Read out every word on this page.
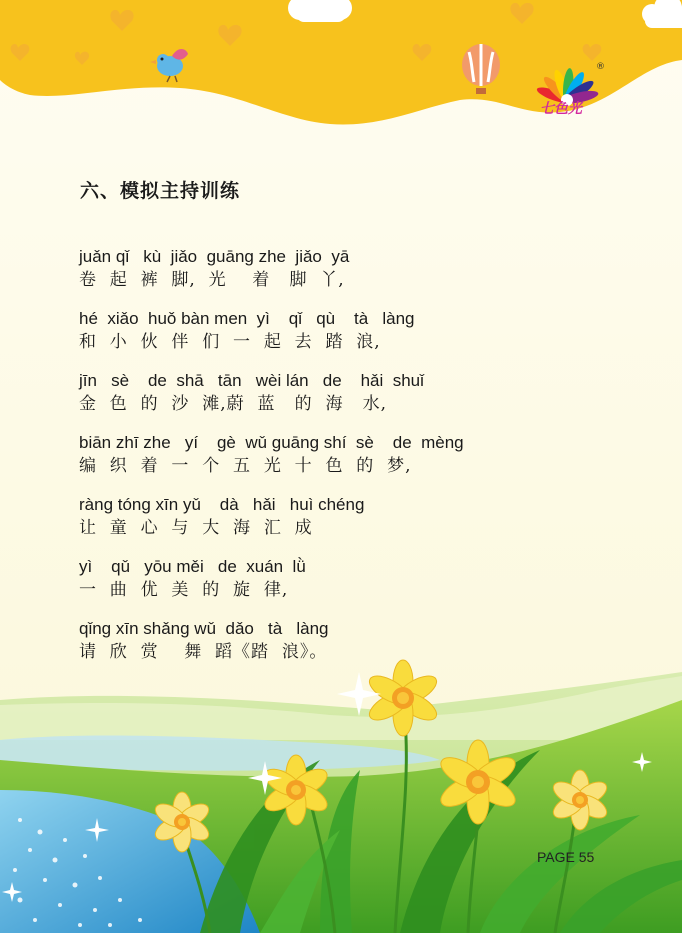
七色光
®
六、模拟主持训练
juǎn qǐ   kù  jiǎo  guāng zhe  jiǎo  yā
卷  起  裤  脚,  光    着   脚  丫,
hé  xiǎo  huǒ bàn men  yì    qǐ   qù    tà   làng
和  小  伙  伴  们  一  起  去  踏  浪,
jīn   sè    de  shā   tān   wèi lán   de    hǎi  shuǐ
金  色  的  沙  滩,蔚  蓝   的  海   水,
biān zhī zhe   yí    gè  wǔ guāng shí  sè    de  mèng
编  织  着  一  个  五  光  十  色  的  梦,
ràng tóng xīn yǔ    dà   hǎi   huì chéng
让  童  心  与  大  海  汇  成
yì    qǔ   yōu měi   de  xuán  lǜ
一  曲  优  美  的  旋  律,
qǐng xīn shǎng wǔ  dǎo   tà   làng
请  欣  赏    舞  蹈《踏  浪》。
PAGE 55
